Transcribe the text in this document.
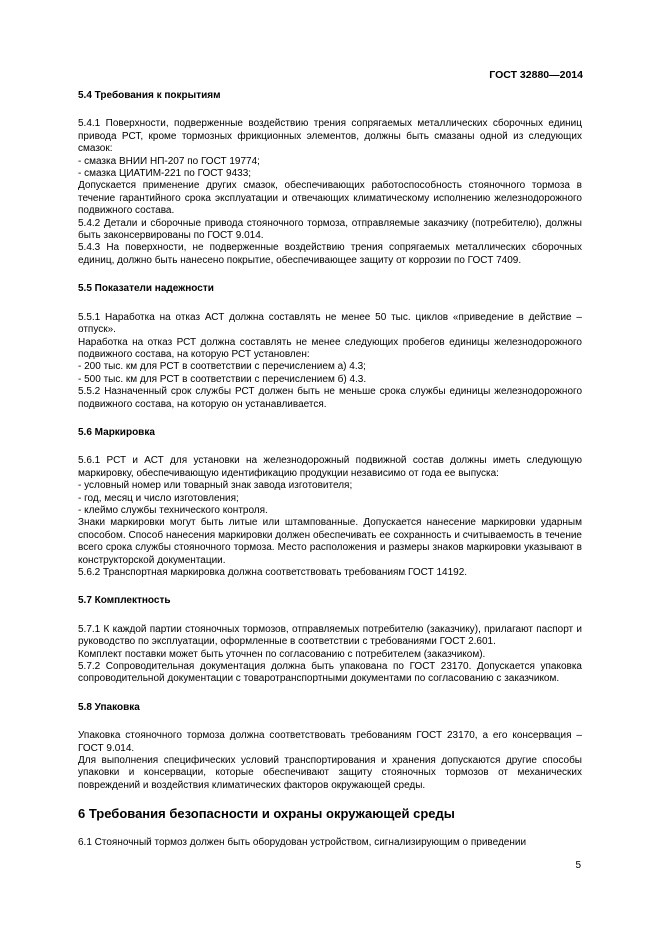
ГОСТ 32880—2014

5.4 Требования к покрытиям

5.4.1 Поверхности, подверженные воздействию трения сопрягаемых металлических сборочных единиц привода РСТ, кроме тормозных фрикционных элементов, должны быть смазаны одной из следующих смазок:

- смазка ВНИИ НП-207 по ГОСТ 19774;

- смазка ЦИАТИМ-221 по ГОСТ 9433;

Допускается применение других смазок, обеспечивающих работоспособность стояночного тормоза в течение гарантийного срока эксплуатации и отвечающих климатическому исполнению железнодорожного подвижного состава.

5.4.2 Детали и сборочные привода стояночного тормоза, отправляемые заказчику (потребителю), должны быть законсервированы по ГОСТ 9.014.

5.4.3 На поверхности, не подверженные воздействию трения сопрягаемых металлических сборочных единиц, должно быть нанесено покрытие, обеспечивающее защиту от коррозии по ГОСТ 7409.

5.5 Показатели надежности

5.5.1 Наработка на отказ АСТ должна составлять не менее 50 тыс. циклов «приведение в действие – отпуск».

Наработка на отказ РСТ должна составлять не менее следующих пробегов единицы железнодорожного подвижного состава, на которую РСТ установлен:

- 200 тыс. км для РСТ в соответствии с перечислением а) 4.3;

- 500 тыс. км для РСТ в соответствии с перечислением б) 4.3.

5.5.2 Назначенный срок службы РСТ должен быть не меньше срока службы единицы железнодорожного подвижного состава, на которую он устанавливается.

5.6 Маркировка

5.6.1 РСТ и АСТ для установки на железнодорожный подвижной состав должны иметь следующую маркировку, обеспечивающую идентификацию продукции независимо от года ее выпуска:

- условный номер или товарный знак завода изготовителя;

- год, месяц и число изготовления;

- клеймо службы технического контроля.

Знаки маркировки могут быть литые или штампованные. Допускается нанесение маркировки ударным способом. Способ нанесения маркировки должен обеспечивать ее сохранность и считываемость в течение всего срока службы стояночного тормоза. Место расположения и размеры знаков маркировки указывают в конструкторской документации.

5.6.2 Транспортная маркировка должна соответствовать требованиям ГОСТ 14192.

5.7 Комплектность

5.7.1 К каждой партии стояночных тормозов, отправляемых потребителю (заказчику), прилагают паспорт и руководство по эксплуатации, оформленные в соответствии с требованиями ГОСТ 2.601.

Комплект поставки может быть уточнен по согласованию с потребителем (заказчиком).

5.7.2 Сопроводительная документация должна быть упакована по ГОСТ 23170. Допускается упаковка сопроводительной документации с товаротранспортными документами по согласованию с заказчиком.

5.8 Упаковка

Упаковка стояночного тормоза должна соответствовать требованиям ГОСТ 23170, а его консервация – ГОСТ 9.014.

Для выполнения специфических условий транспортирования и хранения допускаются другие способы упаковки и консервации, которые обеспечивают защиту стояночных тормозов от механических повреждений и воздействия климатических факторов окружающей среды.

6 Требования безопасности и охраны окружающей среды

6.1 Стояночный тормоз должен быть оборудован устройством, сигнализирующим о приведении

5
